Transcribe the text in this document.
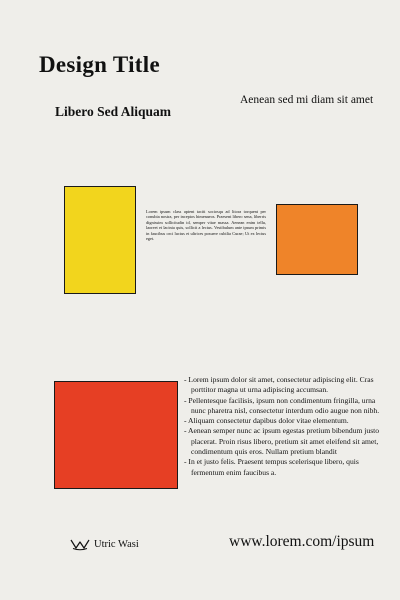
Design Title
Libero Sed Aliquam
Aenean sed mi diam sit amet
Lorem ipsum class aptent taciti sociosqu ad litora torquent per conubia nostra, per inceptos himenaeos. Praesent libero sena, liberris dignissim sollicitudin id, semper vitae massa. Aenean enim tellu, laoreet et lacinia quis, sollicit a lectus. Vestibulum ante ipsum primis in faucibus orci luctus et ultrices posuere cubilia Curae; Ut ex lectus eget.
- Lorem ipsum dolor sit amet, consectetur adipiscing elit. Cras porttitor magna ut urna adipiscing accumsan.
- Pellentesque facilisis, ipsum non condimentum fringilla, urna nunc pharetra nisl, consectetur interdum odio augue non nibh.
- Aliquam consectetur dapibus dolor vitae elementum.
- Aenean semper nunc ac ipsum egestas pretium bibendum justo placerat. Proin risus libero, pretium sit amet eleifend sit amet, condimentum quis eros. Nullam pretium blandit
- In et justo felis. Praesent tempus scelerisque libero, quis fermentum enim faucibus a.
Utric Wasi	www.lorem.com/ipsum
